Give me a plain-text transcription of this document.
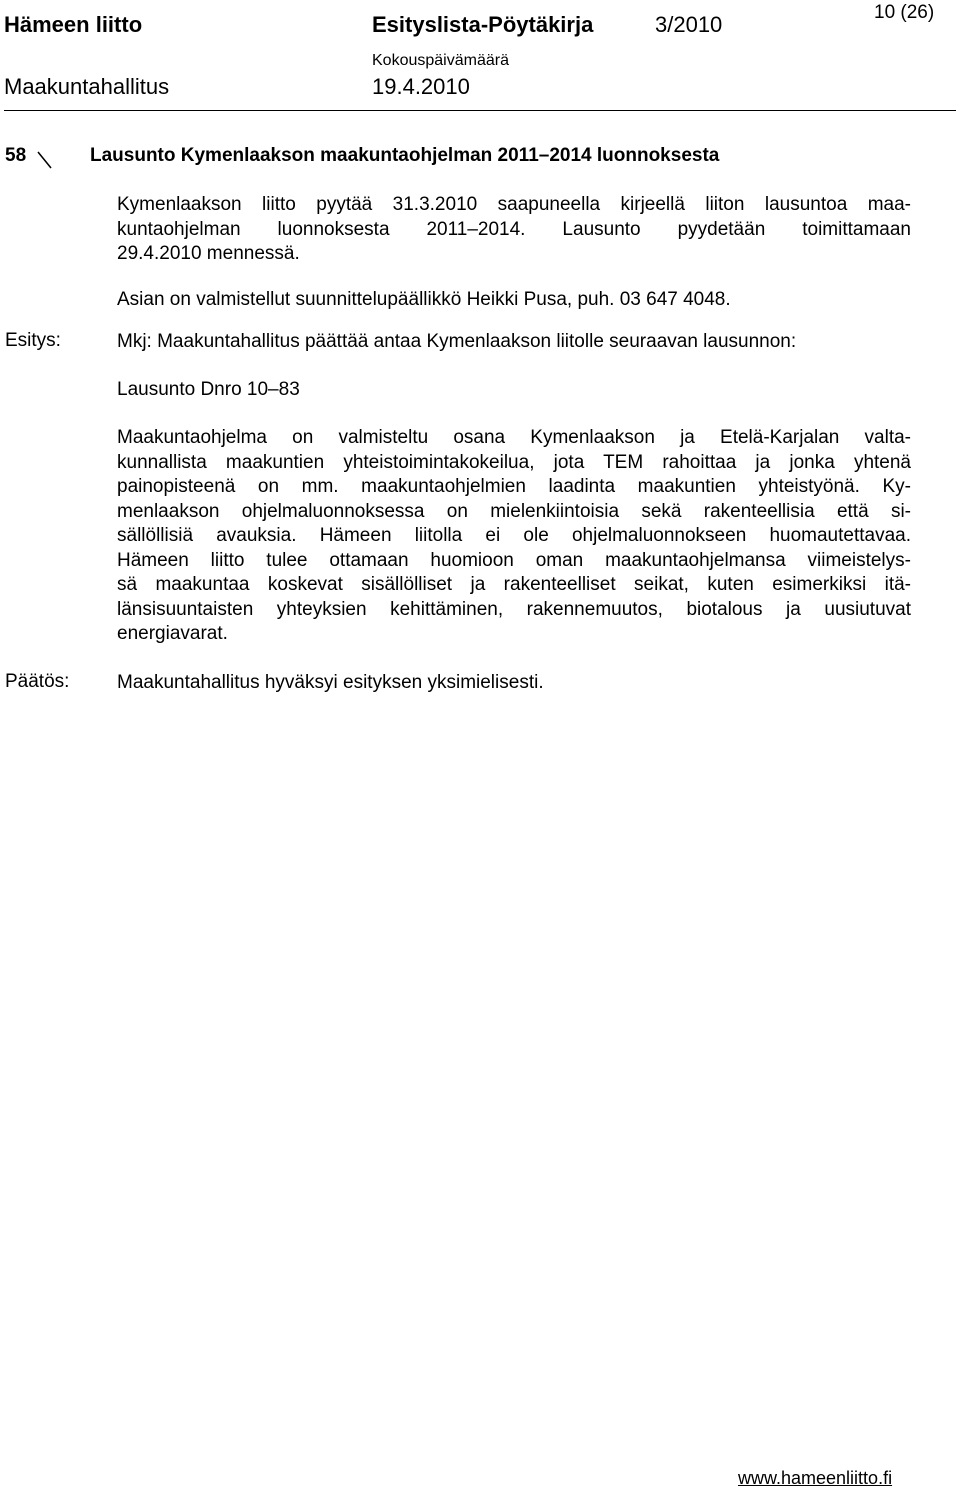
Hämeen liitto	Esityslista-Pöytäkirja	3/2010	10 (26)
Kokouspäivämäärä
Maakuntahallitus	19.4.2010
58	Lausunto Kymenlaakson maakuntaohjelman 2011–2014 luonnoksesta
Kymenlaakson liitto pyytää 31.3.2010 saapuneella kirjeellä liiton lausuntoa maa-
kuntaohjelman luonnoksesta 2011–2014. Lausunto pyydetään toimittamaan
29.4.2010 mennessä.
Asian on valmistellut suunnittelupäällikkö Heikki Pusa, puh. 03 647 4048.
Esitys:	Mkj: Maakuntahallitus päättää antaa Kymenlaakson liitolle seuraavan lausunnon:
Lausunto Dnro 10–83
Maakuntaohjelma on valmisteltu osana Kymenlaakson ja Etelä-Karjalan valta-
kunnallista maakuntien yhteistoimintakokeilua, jota TEM rahoittaa ja jonka yhtenä
painopisteenä on mm. maakuntaohjelmien laadinta maakuntien yhteistyönä. Ky-
menlaakson ohjelmaluonnoksessa on mielenkiintoisia sekä rakenteellisia että si-
sällöllisiä avauksia. Hämeen liitolla ei ole ohjelmaluonnokseen huomautettavaa.
Hämeen liitto tulee ottamaan huomioon oman maakuntaohjelmansa viimeistelys-
sä maakuntaa koskevat sisällölliset ja rakenteelliset seikat, kuten esimerkiksi itä-
länsisuuntaisten yhteyksien kehittäminen, rakennemuutos, biotalous ja uusiutuvat
energiavarat.
Päätös:	Maakuntahallitus hyväksyi esityksen yksimielisesti.
www.hameenliitto.fi
